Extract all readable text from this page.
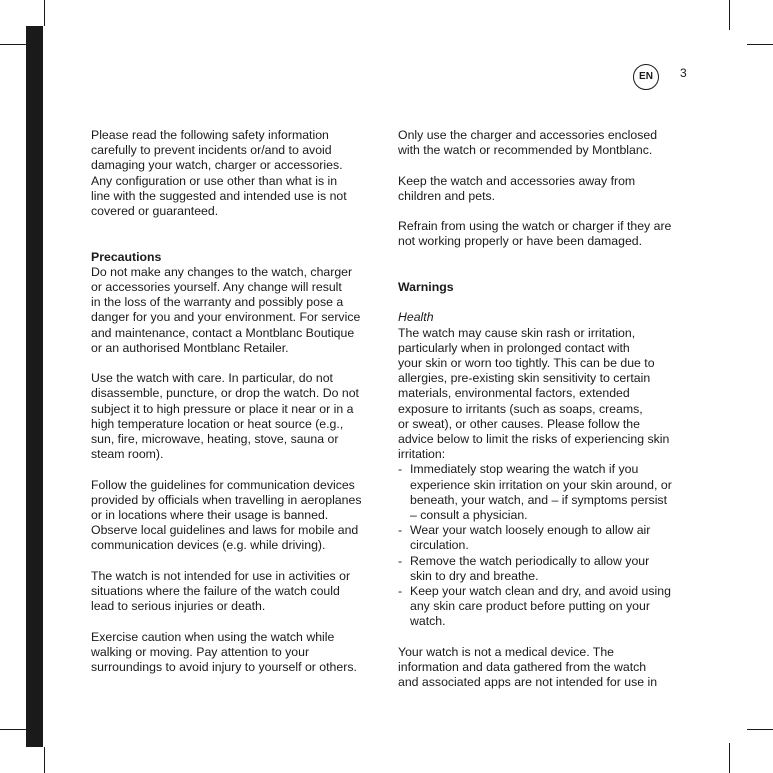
EN	3
Please read the following safety information
carefully to prevent incidents or/and to avoid
damaging your watch, charger or accessories.
Any configuration or use other than what is in
line with the suggested and intended use is not
covered or guaranteed.
Precautions
Do not make any changes to the watch, charger
or accessories yourself. Any change will result
in the loss of the warranty and possibly pose a
danger for you and your environment. For service
and maintenance, contact a Montblanc Boutique
or an authorised Montblanc Retailer.
Use the watch with care. In particular, do not
disassemble, puncture, or drop the watch. Do not
subject it to high pressure or place it near or in a
high temperature location or heat source (e.g.,
sun, fire, microwave, heating, stove, sauna or
steam room).
Follow the guidelines for communication devices
provided by officials when travelling in aeroplanes
or in locations where their usage is banned.
Observe local guidelines and laws for mobile and
communication devices (e.g. while driving).
The watch is not intended for use in activities or
situations where the failure of the watch could
lead to serious injuries or death.
Exercise caution when using the watch while
walking or moving. Pay attention to your
surroundings to avoid injury to yourself or others.
Only use the charger and accessories enclosed
with the watch or recommended by Montblanc.
Keep the watch and accessories away from
children and pets.
Refrain from using the watch or charger if they are
not working properly or have been damaged.
Warnings
Health
The watch may cause skin rash or irritation,
particularly when in prolonged contact with
your skin or worn too tightly. This can be due to
allergies, pre-existing skin sensitivity to certain
materials, environmental factors, extended
exposure to irritants (such as soaps, creams,
or sweat), or other causes. Please follow the
advice below to limit the risks of experiencing skin
irritation:
- Immediately stop wearing the watch if you
experience skin irritation on your skin around, or
beneath, your watch, and – if symptoms persist
– consult a physician.
- Wear your watch loosely enough to allow air
circulation.
- Remove the watch periodically to allow your
skin to dry and breathe.
- Keep your watch clean and dry, and avoid using
any skin care product before putting on your
watch.
Your watch is not a medical device. The
information and data gathered from the watch
and associated apps are not intended for use in
